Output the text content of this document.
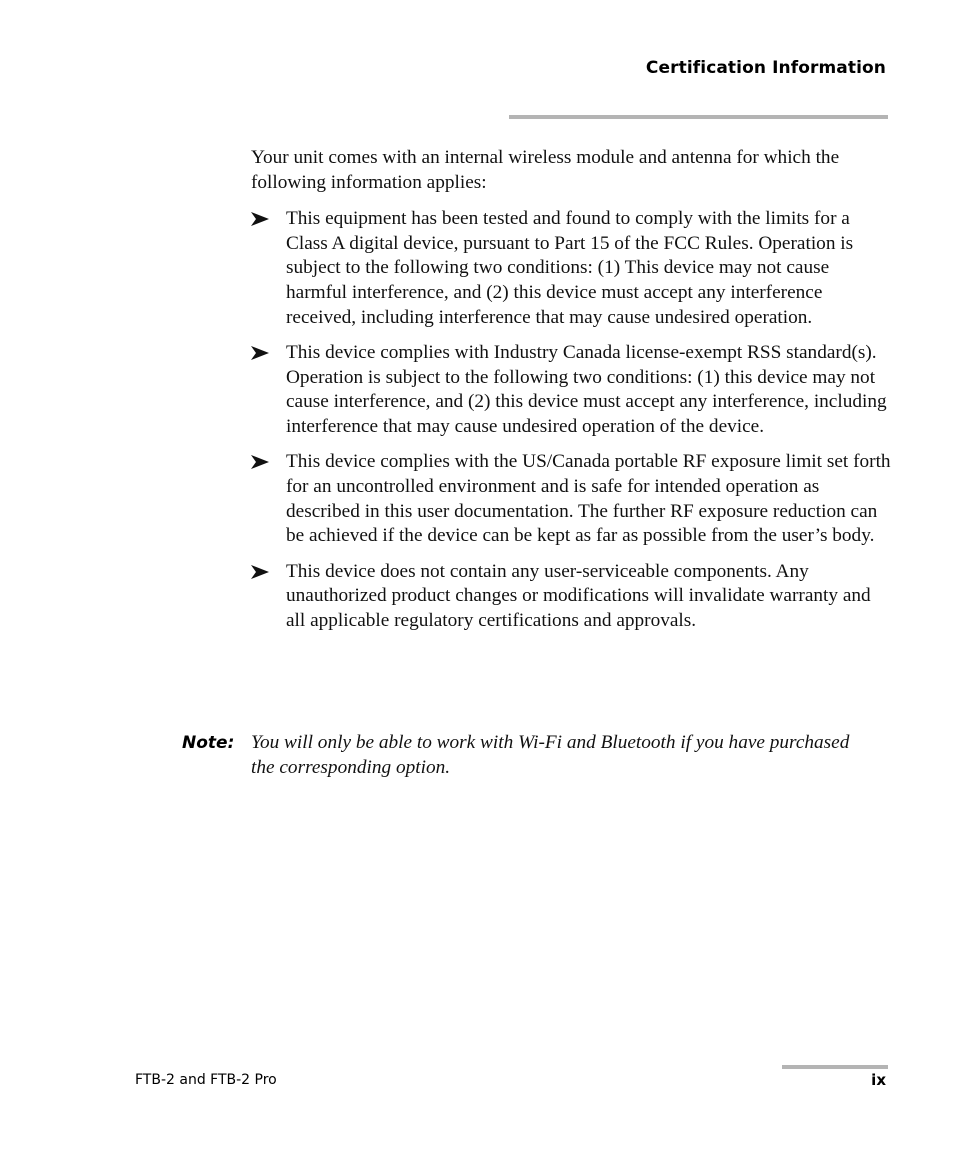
Certification Information
Your unit comes with an internal wireless module and antenna for which the following information applies:
This equipment has been tested and found to comply with the limits for a Class A digital device, pursuant to Part 15 of the FCC Rules. Operation is subject to the following two conditions: (1) This device may not cause harmful interference, and (2) this device must accept any interference received, including interference that may cause undesired operation.
This device complies with Industry Canada license-exempt RSS standard(s). Operation is subject to the following two conditions: (1) this device may not cause interference, and (2) this device must accept any interference, including interference that may cause undesired operation of the device.
This device complies with the US/Canada portable RF exposure limit set forth for an uncontrolled environment and is safe for intended operation as described in this user documentation. The further RF exposure reduction can be achieved if the device can be kept as far as possible from the user’s body.
This device does not contain any user-serviceable components. Any unauthorized product changes or modifications will invalidate warranty and all applicable regulatory certifications and approvals.
Note: You will only be able to work with Wi-Fi and Bluetooth if you have purchased the corresponding option.
FTB-2 and FTB-2 Pro	ix
